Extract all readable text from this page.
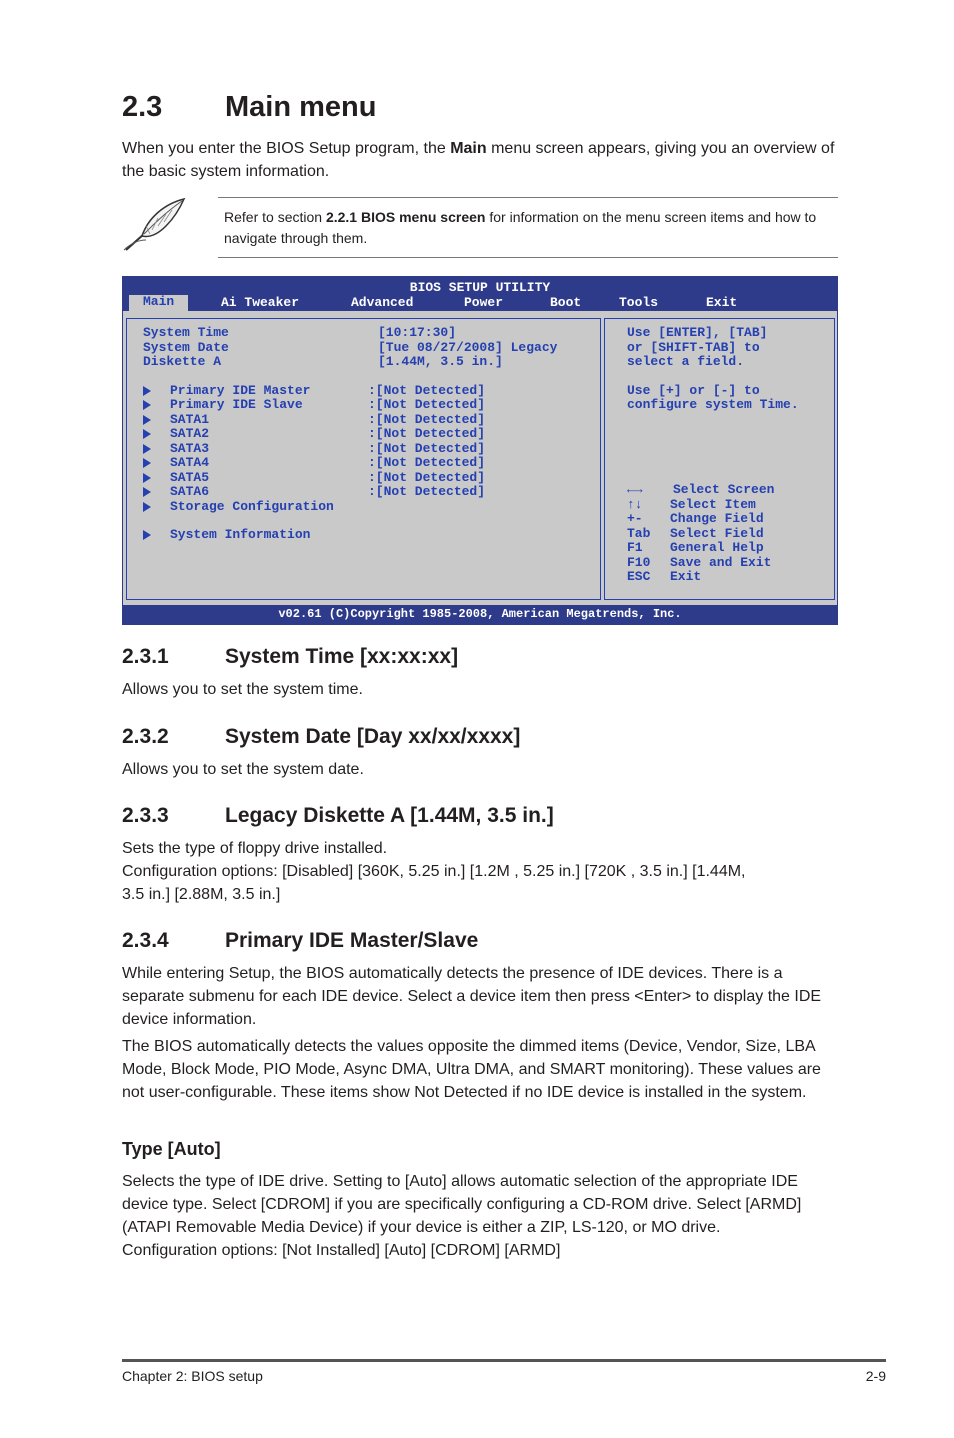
2.3 Main menu

When you enter the BIOS Setup program, the Main menu screen appears, giving you an overview of the basic system information.

Refer to section 2.2.1 BIOS menu screen for information on the menu screen items and how to navigate through them.
BIOS SETUP UTILITY
Main	Ai Tweaker	Advanced	Power	Boot	Tools	Exit
System Time	[10:17:30]
System Date	[Tue 08/27/2008] Legacy
Diskette A	[1.44M, 3.5 in.]
Primary IDE Master	:[Not Detected]
Primary IDE Slave	:[Not Detected]
SATA1	:[Not Detected]
SATA2	:[Not Detected]
SATA3	:[Not Detected]
SATA4	:[Not Detected]
SATA5	:[Not Detected]
SATA6	:[Not Detected]
Storage Configuration
System Information
Use [ENTER], [TAB]
or [SHIFT-TAB] to
select a field.
Use [+] or [-] to
configure system Time.
←→ Select Screen
↑↓ Select Item
+- Change Field
Tab Select Field
F1 General Help
F10 Save and Exit
ESC Exit
v02.61 (C)Copyright 1985-2008, American Megatrends, Inc.
2.3.1	System Time [xx:xx:xx]

Allows you to set the system time.

2.3.2	System Date [Day xx/xx/xxxx]

Allows you to set the system date.

2.3.3	Legacy Diskette A [1.44M, 3.5 in.]

Sets the type of floppy drive installed.

Configuration options: [Disabled] [360K, 5.25 in.] [1.2M , 5.25 in.] [720K , 3.5 in.] [1.44M, 3.5 in.] [2.88M, 3.5 in.]

2.3.4	Primary IDE Master/Slave

While entering Setup, the BIOS automatically detects the presence of IDE devices. There is a separate submenu for each IDE device. Select a device item then press <Enter> to display the IDE device information.

The BIOS automatically detects the values opposite the dimmed items (Device, Vendor, Size, LBA Mode, Block Mode, PIO Mode, Async DMA, Ultra DMA, and SMART monitoring). These values are not user-configurable. These items show Not Detected if no IDE device is installed in the system.

Type [Auto]

Selects the type of IDE drive. Setting to [Auto] allows automatic selection of the appropriate IDE device type. Select [CDROM] if you are specifically configuring a CD-ROM drive. Select [ARMD] (ATAPI Removable Media Device) if your device is either a ZIP, LS-120, or MO drive.

Configuration options: [Not Installed] [Auto] [CDROM] [ARMD]

Chapter 2: BIOS setup	2-9
